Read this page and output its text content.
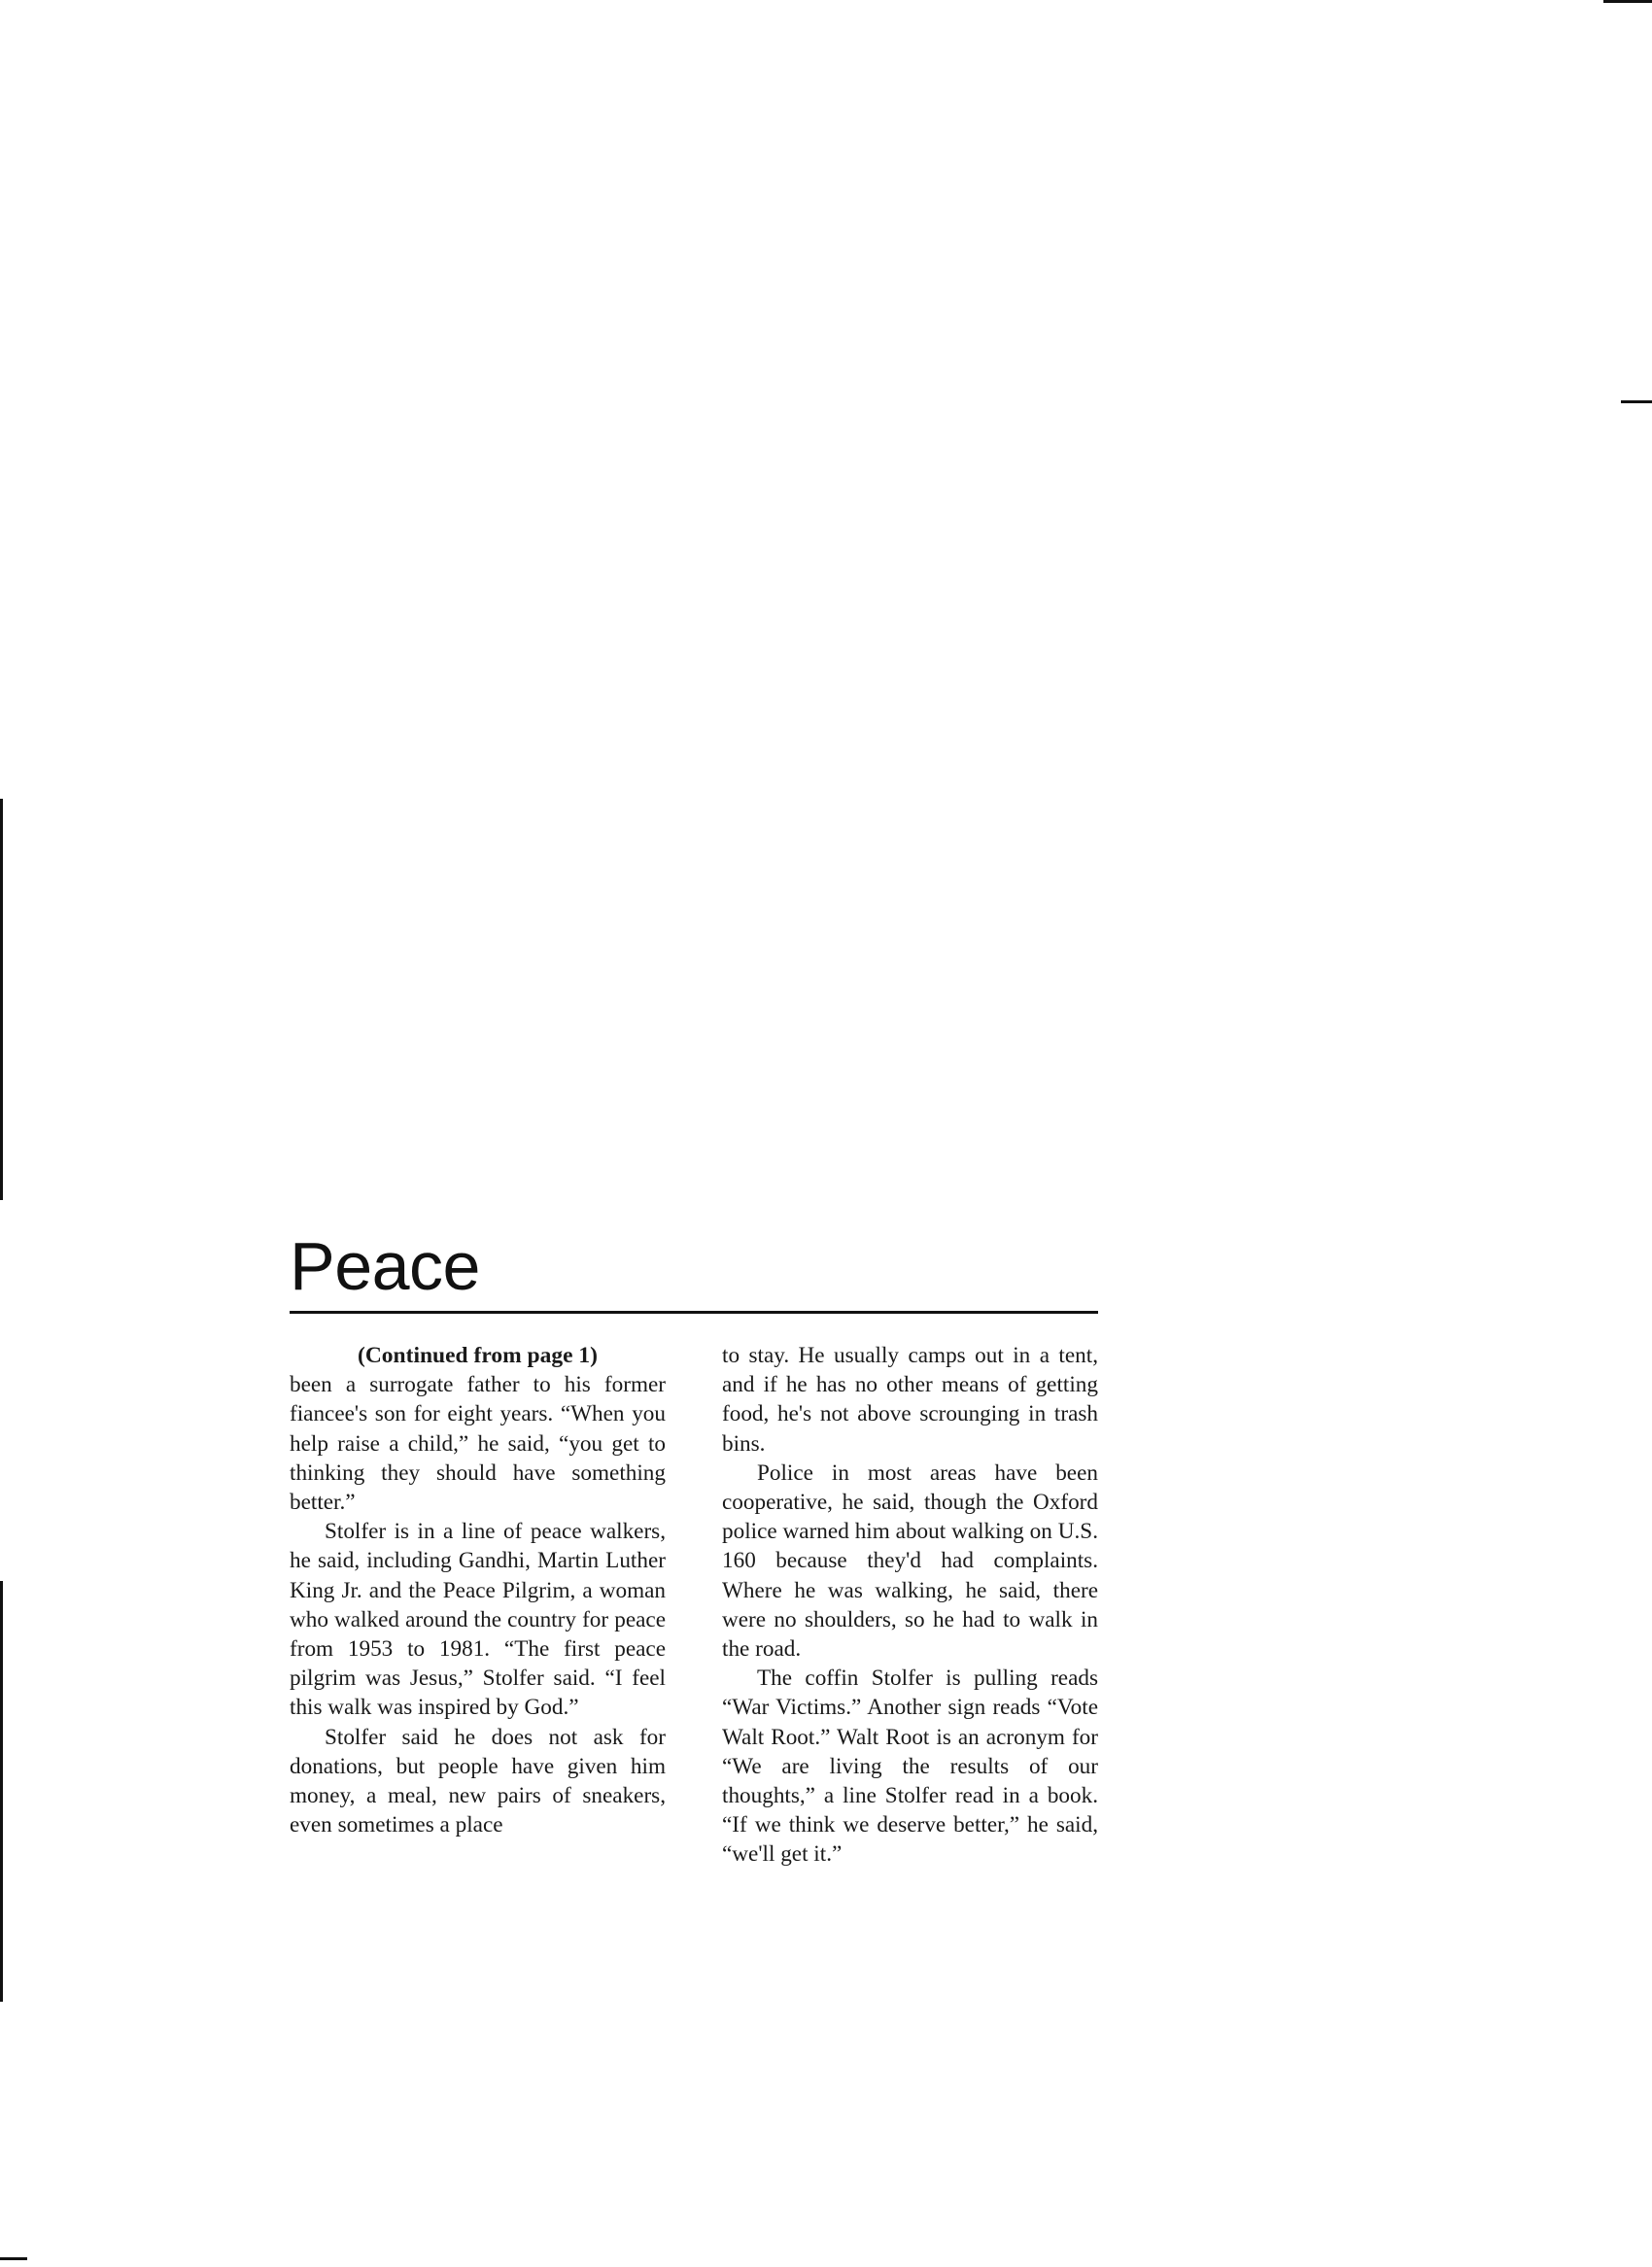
Peace

(Continued from page 1)

been a surrogate father to his former fiancee's son for eight years. “When you help raise a child,” he said, “you get to thinking they should have something better.”

Stolfer is in a line of peace walkers, he said, including Gandhi, Martin Luther King Jr. and the Peace Pilgrim, a woman who walked around the country for peace from 1953 to 1981. “The first peace pilgrim was Jesus,” Stolfer said. “I feel this walk was inspired by God.”

Stolfer said he does not ask for donations, but people have given him money, a meal, new pairs of sneakers, even sometimes a place

to stay. He usually camps out in a tent, and if he has no other means of getting food, he's not above scrounging in trash bins.

Police in most areas have been cooperative, he said, though the Oxford police warned him about walking on U.S. 160 because they'd had complaints. Where he was walking, he said, there were no shoulders, so he had to walk in the road.

The coffin Stolfer is pulling reads “War Victims.” Another sign reads “Vote Walt Root.” Walt Root is an acronym for “We are living the results of our thoughts,” a line Stolfer read in a book. “If we think we deserve better,” he said, “we'll get it.”
